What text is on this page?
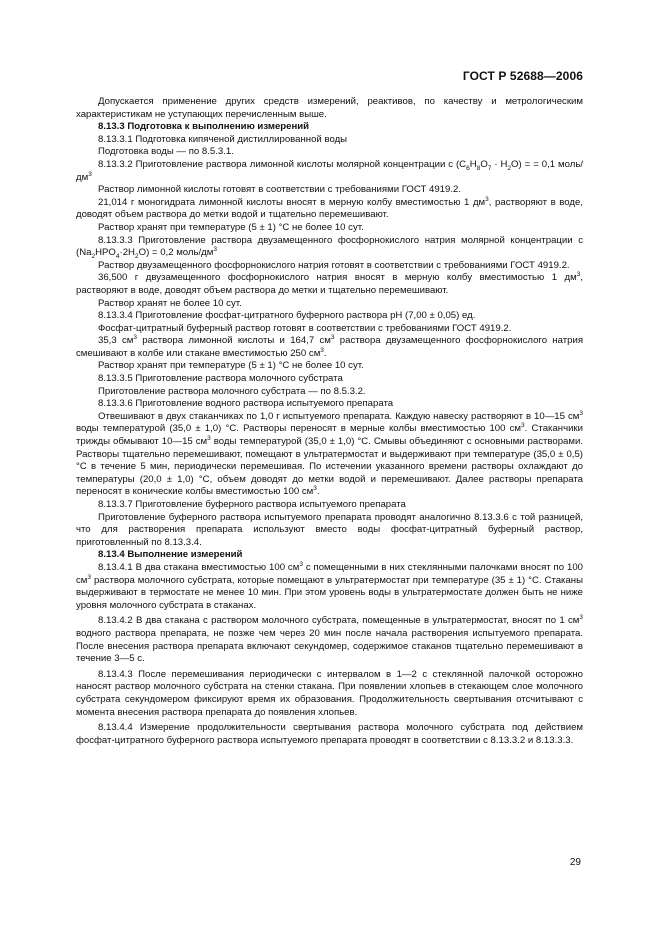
ГОСТ Р 52688—2006

Допускается применение других средств измерений, реактивов, по качеству и метрологическим характеристикам не уступающих перечисленным выше.

8.13.3 Подготовка к выполнению измерений

8.13.3.1 Подготовка кипяченой дистиллированной воды

Подготовка воды — по 8.5.3.1.

8.13.3.2 Приготовление раствора лимонной кислоты молярной концентрации c $(C_6H_8O_7 \cdot H_2O)$ = = 0,1 моль/$дм^3$

Раствор лимонной кислоты готовят в соответствии с требованиями ГОСТ 4919.2.

21,014 г моногидрата лимонной кислоты вносят в мерную колбу вместимостью 1 $дм^3$, растворяют в воде, доводят объем раствора до метки водой и тщательно перемешивают.

Раствор хранят при температуре (5 ± 1) °С не более 10 сут.

8.13.3.3 Приготовление раствора двузамещенного фосфорнокислого натрия молярной концентрации c $(Na_2HPO_4\cdot 2H_2O) = 0,2$ моль/$дм^3$

Раствор двузамещенного фосфорнокислого натрия готовят в соответствии с требованиями ГОСТ 4919.2.

36,500 г двузамещенного фосфорнокислого натрия вносят в мерную колбу вместимостью 1 $дм^3$, растворяют в воде, доводят объем раствора до метки и тщательно перемешивают.

Раствор хранят не более 10 сут.

8.13.3.4 Приготовление фосфат-цитратного буферного раствора рН (7,00 ± 0,05) ед.

Фосфат-цитратный буферный раствор готовят в соответствии с требованиями ГОСТ 4919.2.

35,3 $см^3$ раствора лимонной кислоты и 164,7 $см^3$ раствора двузамещенного фосфорнокислого натрия смешивают в колбе или стакане вместимостью 250 $см^3$.

Раствор хранят при температуре (5 ± 1) °С не более 10 сут.

8.13.3.5 Приготовление раствора молочного субстрата

Приготовление раствора молочного субстрата — по 8.5.3.2.

8.13.3.6 Приготовление водного раствора испытуемого препарата

Отвешивают в двух стаканчиках по 1,0 г испытуемого препарата. Каждую навеску растворяют в 10—15 $см^3$ воды температурой (35,0 ± 1,0) °С. Растворы переносят в мерные колбы вместимостью 100 $см^3$. Стаканчики трижды обмывают 10—15 $см^3$ воды температурой (35,0 ± 1,0) °С. Смывы объединяют с основными растворами. Растворы тщательно перемешивают, помещают в ультратермостат и выдерживают при температуре (35,0 ± 0,5) °С в течение 5 мин, периодически перемешивая. По истечении указанного времени растворы охлаждают до температуры (20,0 ± 1,0) °С, объем доводят до метки водой и перемешивают. Далее растворы препарата переносят в конические колбы вместимостью 100 $см^3$.

8.13.3.7 Приготовление буферного раствора испытуемого препарата

Приготовление буферного раствора испытуемого препарата проводят аналогично 8.13.3.6 с той разницей, что для растворения препарата используют вместо воды фосфат-цитратный буферный раствор, приготовленный по 8.13.3.4.

8.13.4 Выполнение измерений

8.13.4.1 В два стакана вместимостью 100 $см^3$ с помещенными в них стеклянными палочками вносят по 100 $см^3$ раствора молочного субстрата, которые помещают в ультратермостат при температуре (35 ± 1) °С. Стаканы выдерживают в термостате не менее 10 мин. При этом уровень воды в ультратермостате должен быть не ниже уровня молочного субстрата в стаканах.

8.13.4.2 В два стакана с раствором молочного субстрата, помещенные в ультратермостат, вносят по 1 $см^3$ водного раствора препарата, не позже чем через 20 мин после начала растворения испытуемого препарата. После внесения раствора препарата включают секундомер, содержимое стаканов тщательно перемешивают в течение 3—5 с.

8.13.4.3 После перемешивания периодически с интервалом в 1—2 с стеклянной палочкой осторожно наносят раствор молочного субстрата на стенки стакана. При появлении хлопьев в стекающем слое молочного субстрата секундомером фиксируют время их образования. Продолжительность свертывания отсчитывают с момента внесения раствора препарата до появления хлопьев.

8.13.4.4 Измерение продолжительности свертывания раствора молочного субстрата под действием фосфат-цитратного буферного раствора испытуемого препарата проводят в соответствии с 8.13.3.2 и 8.13.3.3.

29
